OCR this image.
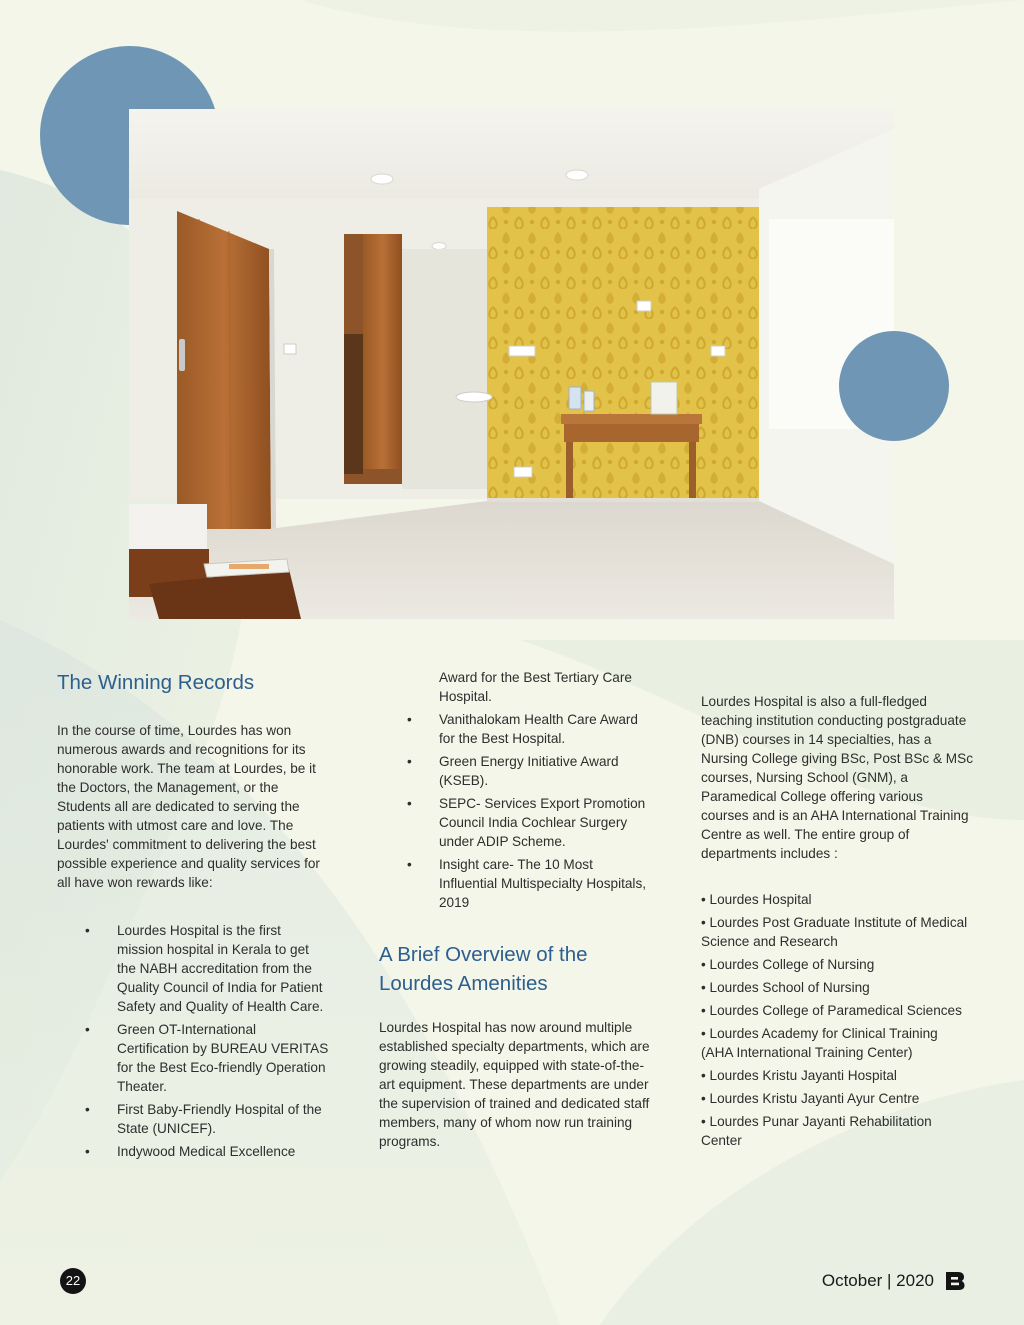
The Winning Records

In the course of time, Lourdes has won numerous awards and recognitions for its honorable work. The team at Lourdes, be it the Doctors, the Management, or the Students all are dedicated to serving the patients with utmost care and love. The Lourdes' commitment to delivering the best possible experience and quality services for all have won rewards like:

• Lourdes Hospital is the first mission hospital in Kerala to get the NABH accreditation from the Quality Council of India for Patient Safety and Quality of Health Care.
• Green OT-International Certification by BUREAU VERITAS for the Best Eco-friendly Operation Theater.
• First Baby-Friendly Hospital of the State (UNICEF).
• Indywood Medical Excellence
Award for the Best Tertiary Care Hospital.
• Vanithalokam Health Care Award for the Best Hospital.
• Green Energy Initiative Award (KSEB).
• SEPC- Services Export Promotion Council India Cochlear Surgery under ADIP Scheme.
• Insight care- The 10 Most Influential Multispecialty Hospitals, 2019
A Brief Overview of the Lourdes Amenities

Lourdes Hospital has now around multiple established specialty departments, which are growing steadily, equipped with state-of-the-art equipment. These departments are under the supervision of trained and dedicated staff members, many of whom now run training programs.

Lourdes Hospital is also a full-fledged teaching institution conducting postgraduate (DNB) courses in 14 specialties, has a Nursing College giving BSc, Post BSc & MSc courses, Nursing School (GNM), a Paramedical College offering various courses and is an AHA International Training Centre as well. The entire group of departments includes :

• Lourdes Hospital
• Lourdes Post Graduate Institute of Medical Science and Research
• Lourdes College of Nursing
• Lourdes School of Nursing
• Lourdes College of Paramedical Sciences
• Lourdes Academy for Clinical Training (AHA International Training Center)
• Lourdes Kristu Jayanti Hospital
• Lourdes Kristu Jayanti Ayur Centre
• Lourdes Punar Jayanti Rehabilitation Center
22	October | 2020
